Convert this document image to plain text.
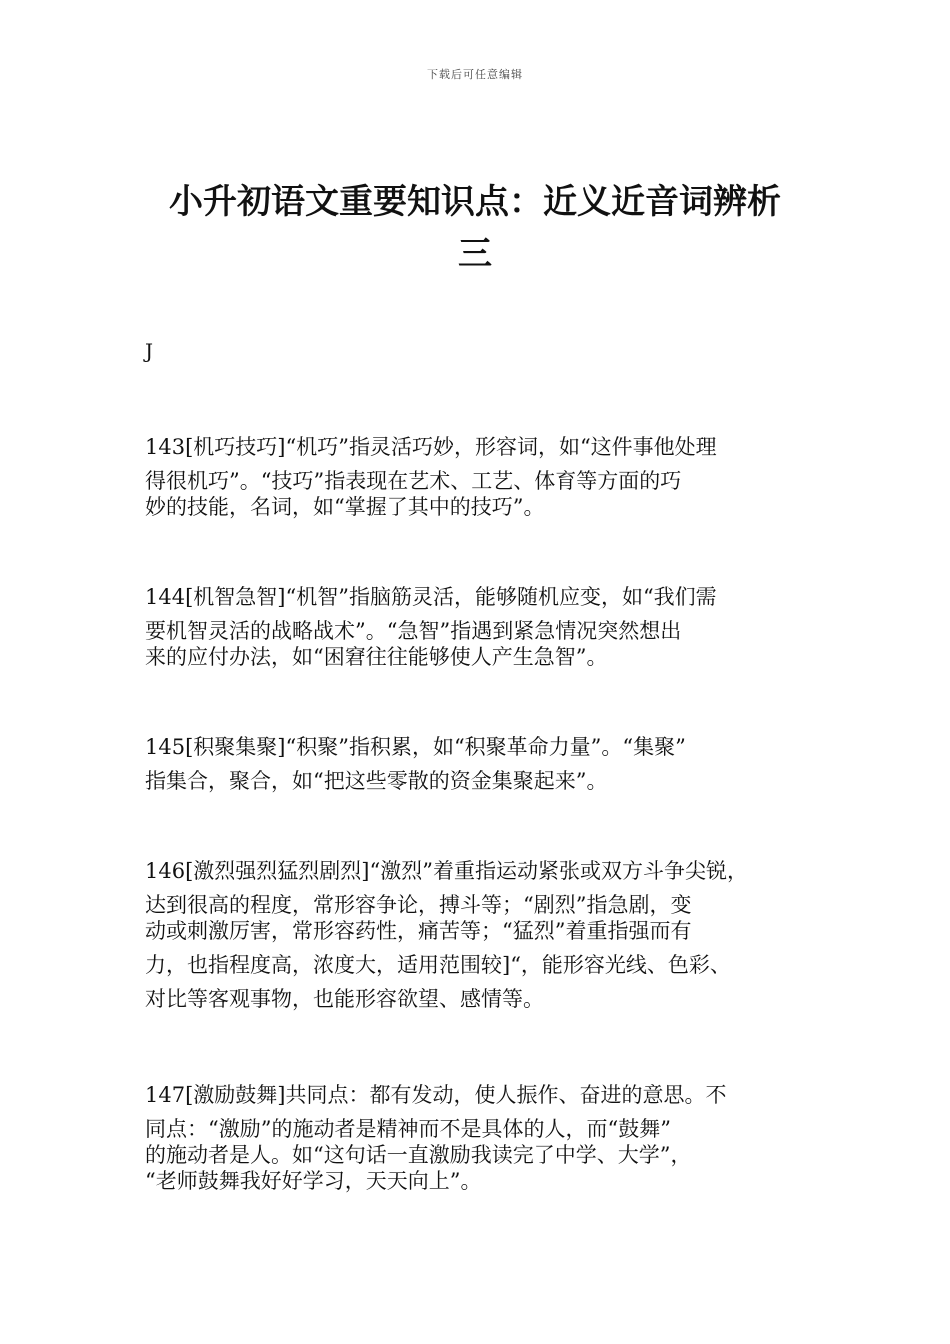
下载后可任意编辑
小升初语文重要知识点：近义近音词辨析
三
J
143[机巧技巧]“机巧”指灵活巧妙，形容词，如“这件事他处理
得很机巧”。“技巧”指表现在艺术、工艺、体育等方面的巧
妙的技能，名词，如“掌握了其中的技巧”。
144[机智急智]“机智”指脑筋灵活，能够随机应变，如“我们需
要机智灵活的战略战术”。“急智”指遇到紧急情况突然想出
来的应付办法，如“困窘往往能够使人产生急智”。
145[积聚集聚]“积聚”指积累，如“积聚革命力量”。“集聚”
指集合，聚合，如“把这些零散的资金集聚起来”。
146[激烈强烈猛烈剧烈]“激烈”着重指运动紧张或双方斗争尖锐，
达到很高的程度，常形容争论，搏斗等；“剧烈”指急剧，变
动或刺激厉害，常形容药性，痛苦等；“猛烈”着重指强而有
力，也指程度高，浓度大，适用范围较]“，能形容光线、色彩、
对比等客观事物，也能形容欲望、感情等。
147[激励鼓舞]共同点：都有发动，使人振作、奋进的意思。不
同点：“激励”的施动者是精神而不是具体的人，而“鼓舞”
的施动者是人。如“这句话一直激励我读完了中学、大学”，
“老师鼓舞我好好学习，天天向上”。
